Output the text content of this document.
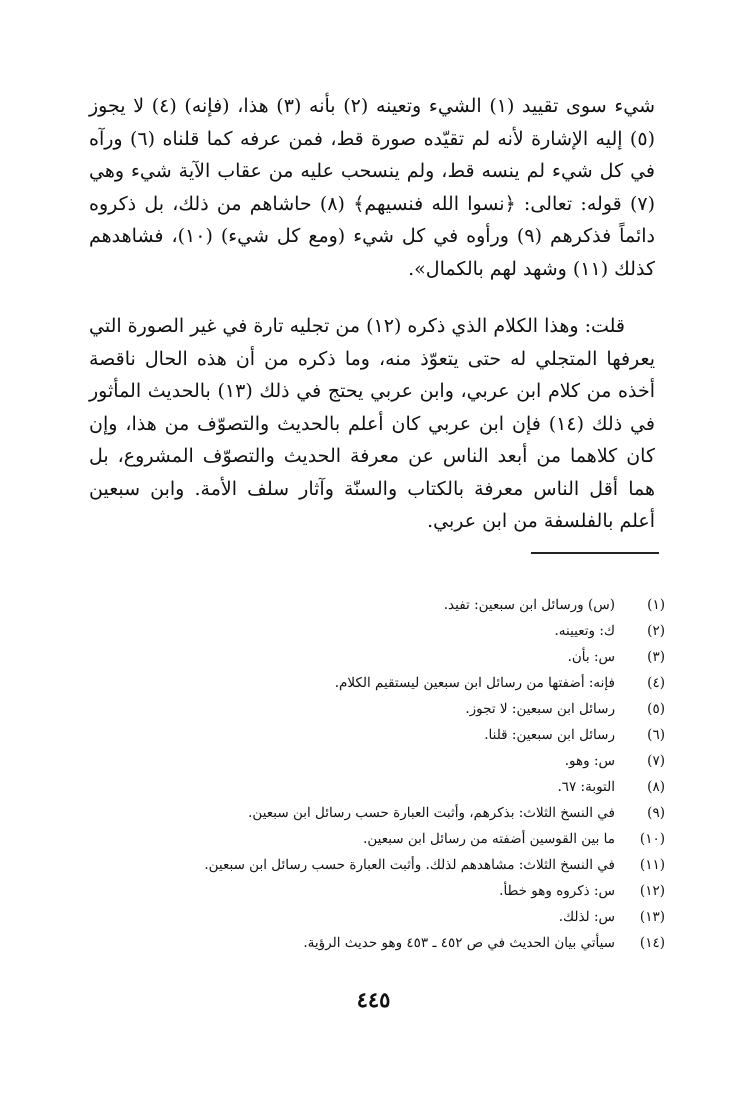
شيء سوى تقييد (١) الشيء وتعينه (٢) بأنه (٣) هذا، (فإنه) (٤) لا يجوز (٥) إليه الإشارة لأنه لم تقيّده صورة قط، فمن عرفه كما قلناه (٦) ورآه في كل شيء لم ينسه قط، ولم ينسحب عليه من عقاب الآية شيء وهي (٧) قوله: تعالى: ﴿نسوا الله فنسيهم﴾ (٨) حاشاهم من ذلك، بل ذكروه دائماً فذكرهم (٩) ورأوه في كل شيء (ومع كل شيء) (١٠)، فشاهدهم كذلك (١١) وشهد لهم بالكمال».

قلت: وهذا الكلام الذي ذكره (١٢) من تجليه تارة في غير الصورة التي يعرفها المتجلي له حتى يتعوّذ منه، وما ذكره من أن هذه الحال ناقصة أخذه من كلام ابن عربي، وابن عربي يحتج في ذلك (١٣) بالحديث المأثور في ذلك (١٤) فإن ابن عربي كان أعلم بالحديث والتصوّف من هذا، وإن كان كلاهما من أبعد الناس عن معرفة الحديث والتصوّف المشروع، بل هما أقل الناس معرفة بالكتاب والسنّة وآثار سلف الأمة. وابن سبعين أعلم بالفلسفة من ابن عربي.

(١)
(س) ورسائل ابن سبعين: تفيد.
(٢)
ك: وتعيينه.
(٣)
س: بأن.
(٤)
فإنه: أضفتها من رسائل ابن سبعين ليستقيم الكلام.
(٥)
رسائل ابن سبعين: لا تجوز.
(٦)
رسائل ابن سبعين: قلنا.
(٧)
س: وهو.
(٨)
التوبة: ٦٧.
(٩)
في النسخ الثلاث: بذكرهم، وأثبت العبارة حسب رسائل ابن سبعين.
(١٠)
ما بين القوسين أضفته من رسائل ابن سبعين.
(١١)
في النسخ الثلاث: مشاهدهم لذلك. وأثبت العبارة حسب رسائل ابن سبعين.
(١٢)
س: ذكروه وهو خطأ.
(١٣)
س: لذلك.
(١٤)
سيأتي بيان الحديث في ص ٤٥٢ ـ ٤٥٣ وهو حديث الرؤية.
٤٤٥
